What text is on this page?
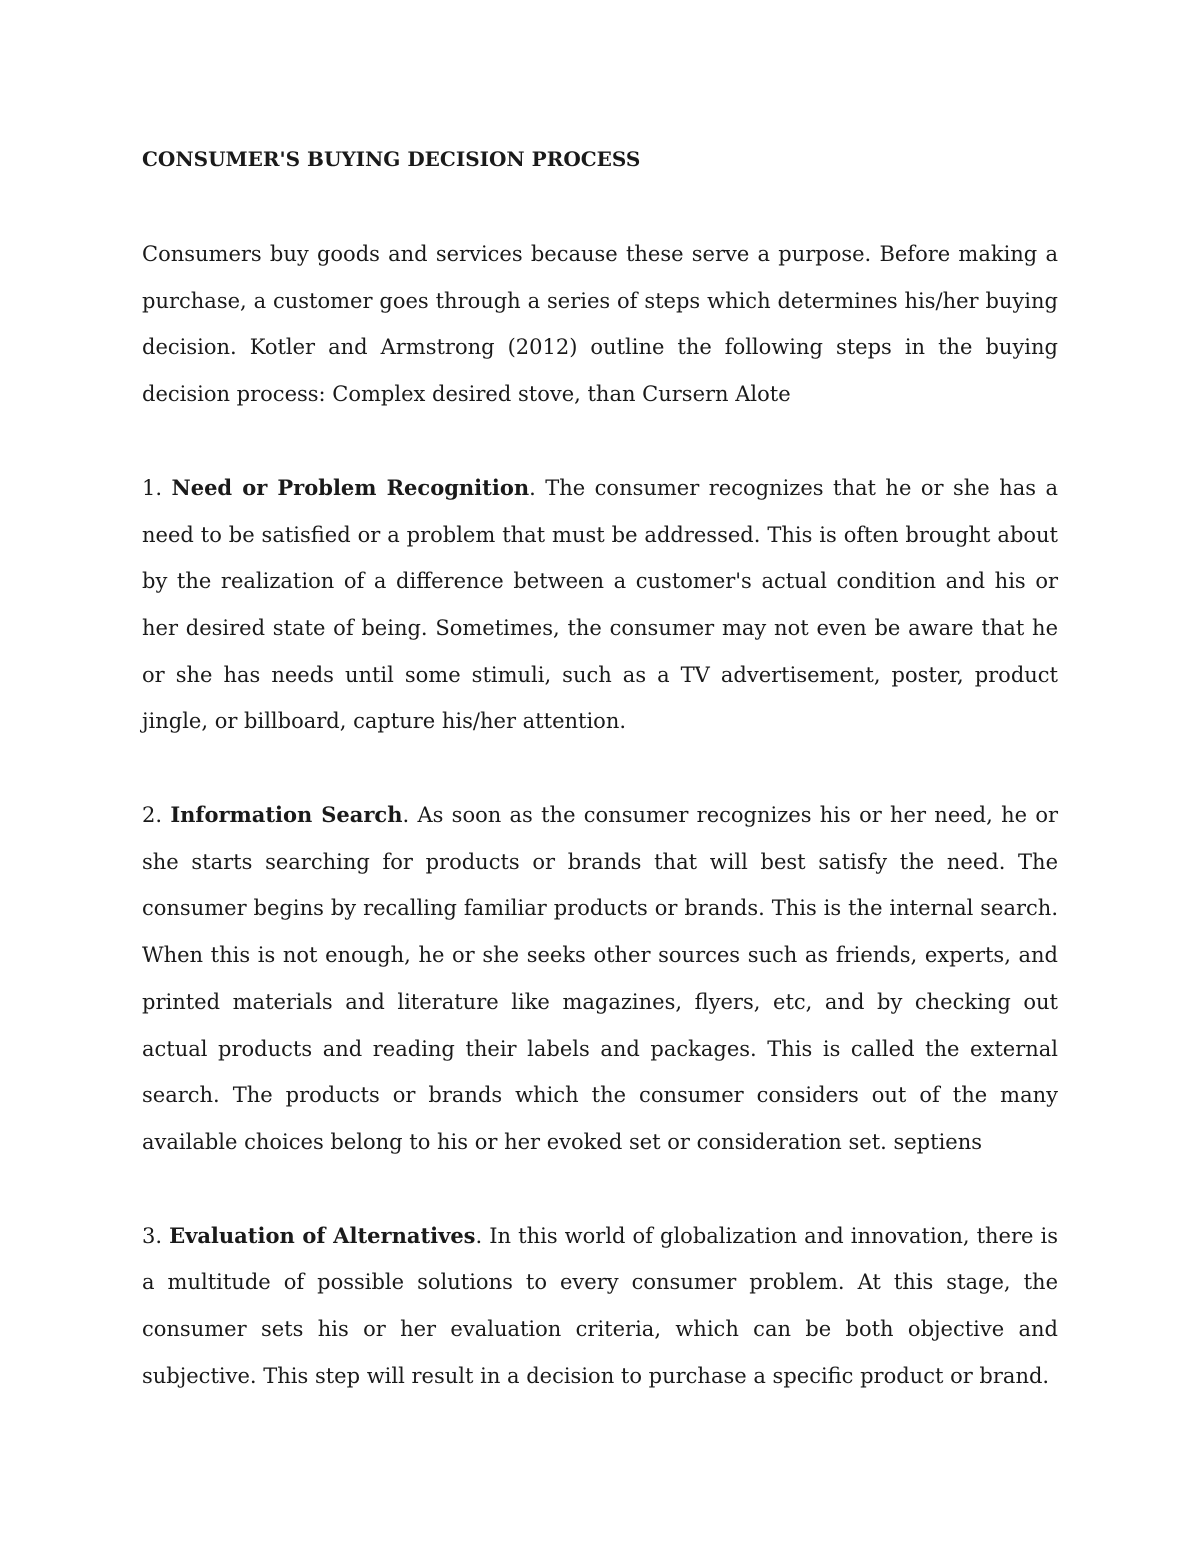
CONSUMER'S BUYING DECISION PROCESS

Consumers buy goods and services because these serve a purpose. Before making a purchase, a customer goes through a series of steps which determines his/her buying decision. Kotler and Armstrong (2012) outline the following steps in the buying decision process: Complex desired stove, than Cursern Alote

1. Need or Problem Recognition. The consumer recognizes that he or she has a need to be satisfied or a problem that must be addressed. This is often brought about by the realization of a difference between a customer's actual condition and his or her desired state of being. Sometimes, the consumer may not even be aware that he or she has needs until some stimuli, such as a TV advertisement, poster, product jingle, or billboard, capture his/her attention.

2. Information Search. As soon as the consumer recognizes his or her need, he or she starts searching for products or brands that will best satisfy the need. The consumer begins by recalling familiar products or brands. This is the internal search. When this is not enough, he or she seeks other sources such as friends, experts, and printed materials and literature like magazines, flyers, etc, and by checking out actual products and reading their labels and packages. This is called the external search. The products or brands which the consumer considers out of the many available choices belong to his or her evoked set or consideration set. septiens

3. Evaluation of Alternatives. In this world of globalization and innovation, there is a multitude of possible solutions to every consumer problem. At this stage, the consumer sets his or her evaluation criteria, which can be both objective and subjective. This step will result in a decision to purchase a specific product or brand.
